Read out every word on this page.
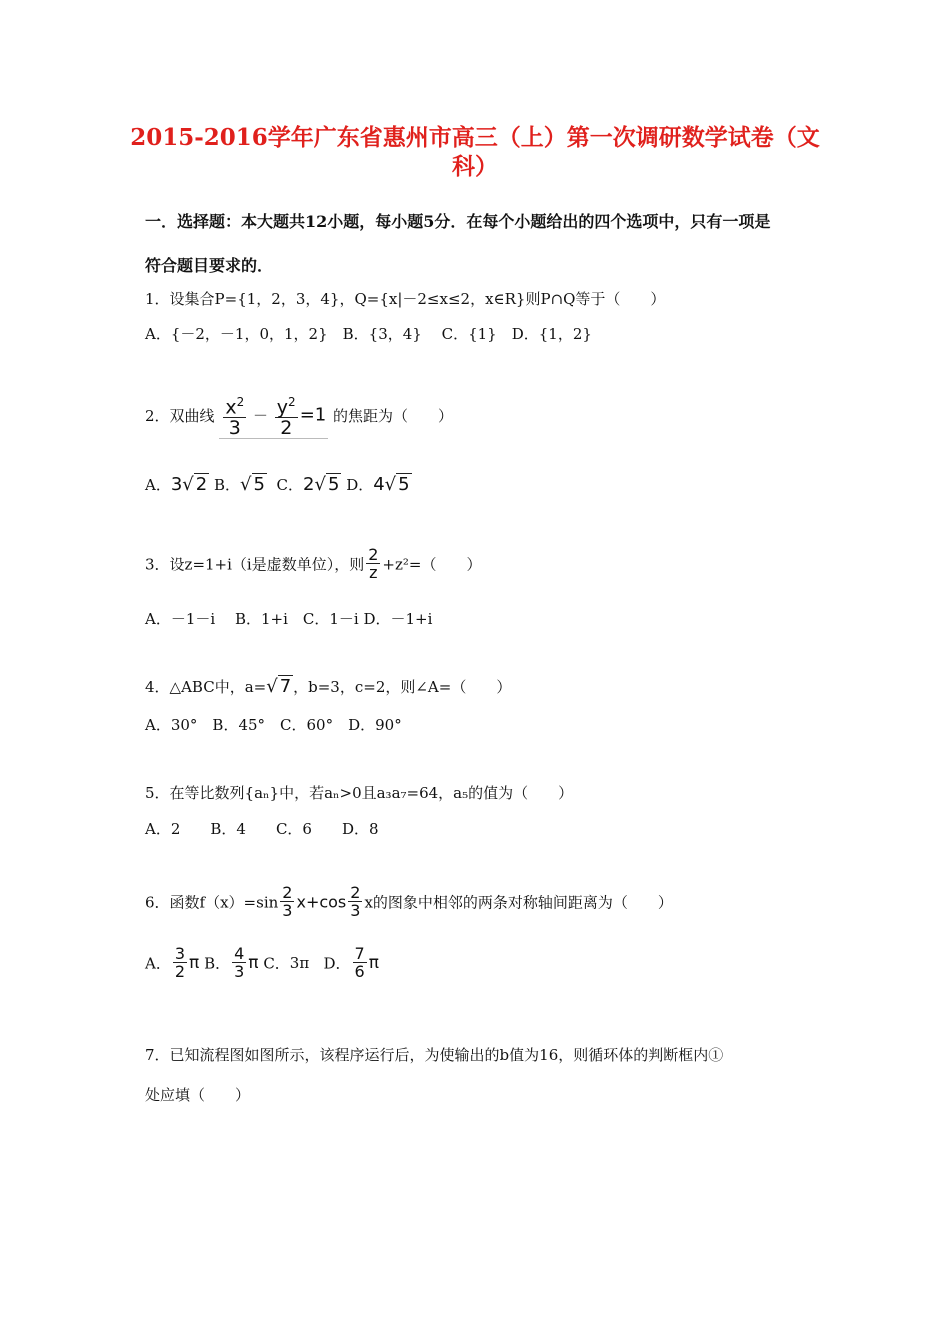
2015-2016学年广东省惠州市高三（上）第一次调研数学试卷（文
科）
一．选择题：本大题共12小题，每小题5分．在每个小题给出的四个选项中，只有一项是
符合题目要求的．
1．设集合P={1，2，3，4}，Q={x|－2≤x≤2，x∈R}则P∩Q等于（　　）
A．{－2，－1，0，1，2}　B．{3，4}　 C．{1}　D．{1，2}
2．双曲线 $\frac{x^2}{3} - \frac{y^2}{2} =1$ 的焦距为（　　）
A．3√ 2 B．√ 5 C．2√ 5 D．4√ 5
3．设z=1+i（i是虚数单位），则 $\frac{2}{z} +z^2=$（　　）
A．－1－i　 B．1+i　C．1－i D．－1+i
4．△ABC中，a=√ 7 ，b=3，c=2，则∠A=（　　）
A．30°　B．45°　C．60°　D．90°
5．在等比数列{aₙ}中，若aₙ>0且a₃a₇=64，a₅的值为（　　）
A．2　　B．4　　C．6　　D．8
6．函数$f(x)=\sin \frac{2}{3} x+\cos \frac{2}{3}$ x的图象中相邻的两条对称轴间距离为（　　）
A． $\frac{3}{2}$ π B． $\frac{4}{3}$ π C．3π D． $\frac{7}{6}$ π
7．已知流程图如图所示，该程序运行后，为使输出的b值为16，则循环体的判断框内①
处应填（　　）
